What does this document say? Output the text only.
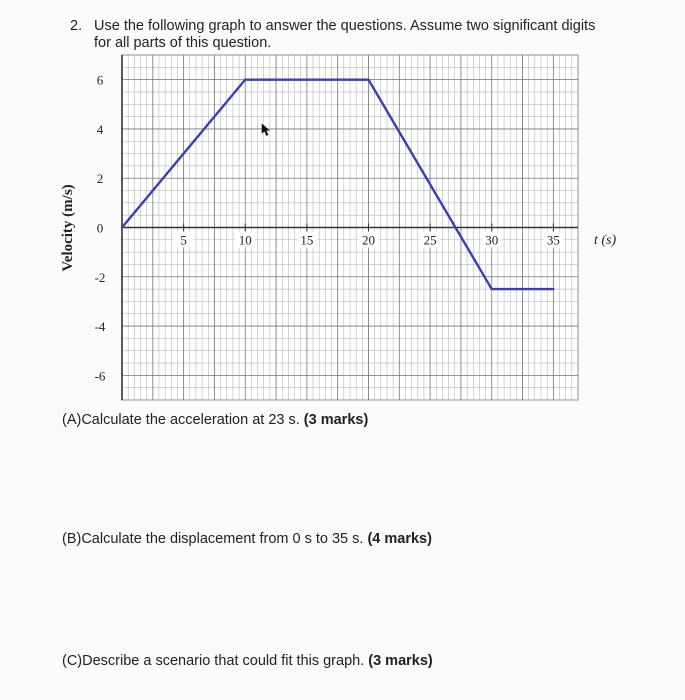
2. Use the following graph to answer the questions. Assume two significant digits
for all parts of this question.
5	10	15	20	25	30	35
6
4
2
0
-2
-4
-6
Velocity (m/s)	t (s)
(A)Calculate the acceleration at 23 s. (3 marks)
(B)Calculate the displacement from 0 s to 35 s. (4 marks)
(C)Describe a scenario that could fit this graph. (3 marks)
